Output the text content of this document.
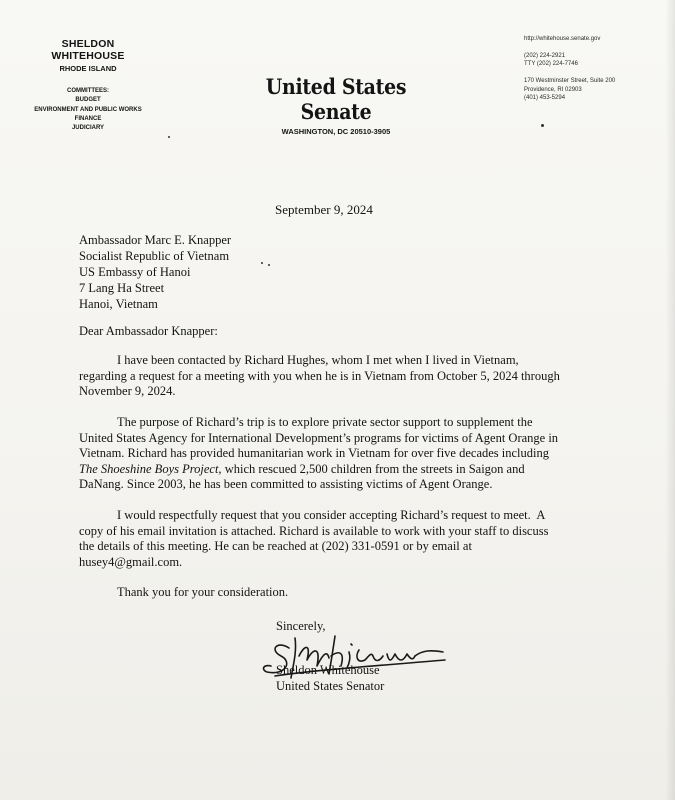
SHELDON WHITEHOUSE
RHODE ISLAND
COMMITTEES:
BUDGET
ENVIRONMENT AND PUBLIC WORKS
FINANCE
JUDICIARY
United States Senate
WASHINGTON, DC 20510-3905
http://whitehouse.senate.gov
(202) 224-2921
TTY (202) 224-7746
170 Westminster Street, Suite 200
Providence, RI 02903
(401) 453-5294
September 9, 2024
Ambassador Marc E. Knapper
Socialist Republic of Vietnam
US Embassy of Hanoi
7 Lang Ha Street
Hanoi, Vietnam
Dear Ambassador Knapper:
I have been contacted by Richard Hughes, whom I met when I lived in Vietnam,
regarding a request for a meeting with you when he is in Vietnam from October 5, 2024 through
November 9, 2024.
The purpose of Richard’s trip is to explore private sector support to supplement the
United States Agency for International Development’s programs for victims of Agent Orange in
Vietnam. Richard has provided humanitarian work in Vietnam for over five decades including
The Shoeshine Boys Project, which rescued 2,500 children from the streets in Saigon and
DaNang. Since 2003, he has been committed to assisting victims of Agent Orange.
I would respectfully request that you consider accepting Richard’s request to meet.  A
copy of his email invitation is attached. Richard is available to work with your staff to discuss
the details of this meeting. He can be reached at (202) 331-0591 or by email at
husey4@gmail.com.
Thank you for your consideration.
Sincerely,
Sheldon Whitehouse
United States Senator
